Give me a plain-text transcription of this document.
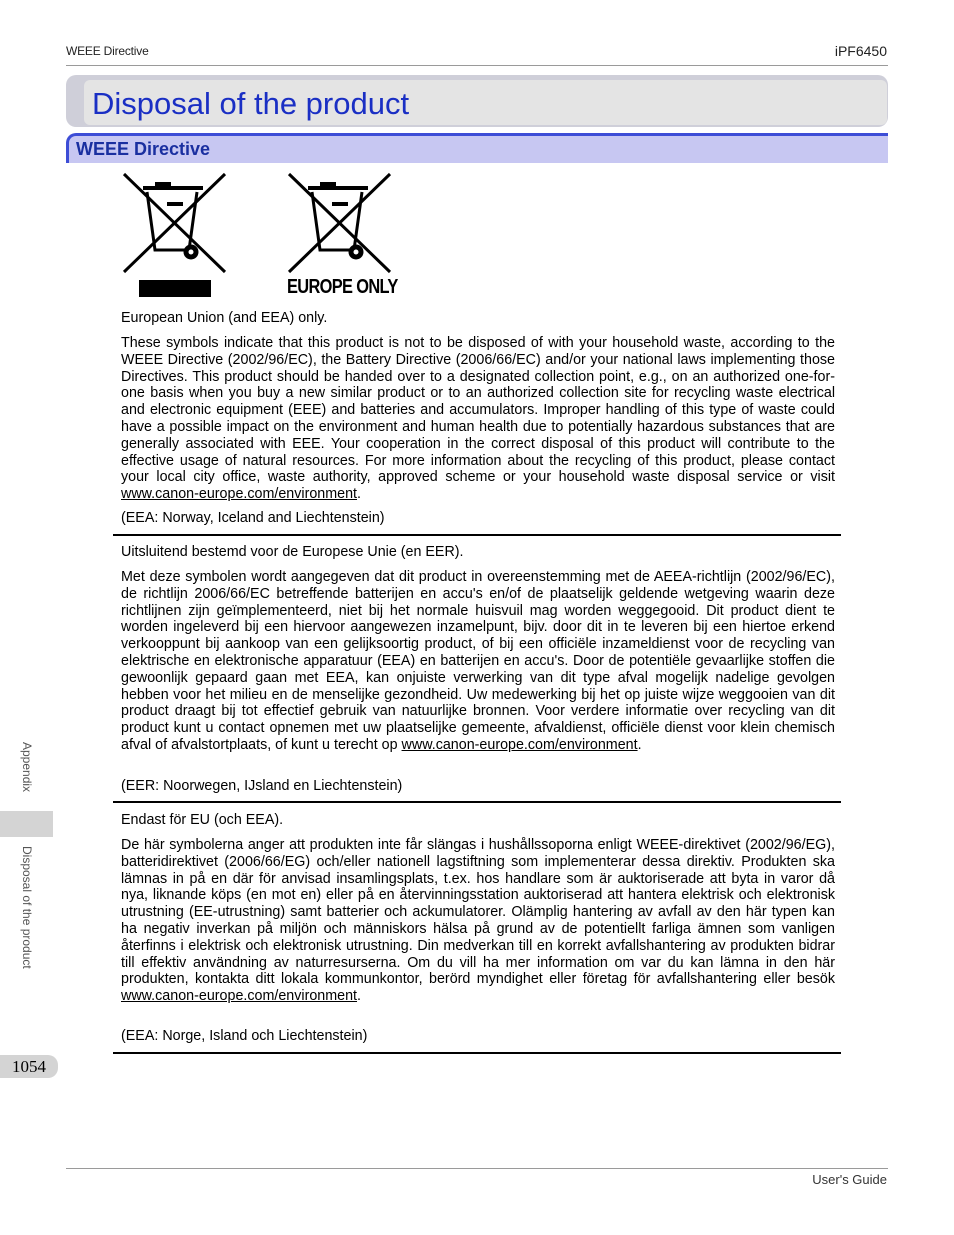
WEEE Directive	iPF6450
Disposal of the product
WEEE Directive
EUROPE ONLY
European Union (and EEA) only.
These symbols indicate that this product is not to be disposed of with your household waste, according to the WEEE Directive (2002/96/EC), the Battery Directive (2006/66/EC) and/or your national laws implementing those Directives. This product should be handed over to a designated collection point, e.g., on an authorized one-for-one basis when you buy a new similar product or to an authorized collection site for recycling waste electrical and electronic equipment (EEE) and batteries and accumulators. Improper handling of this type of waste could have a possible impact on the environment and human health due to potentially hazardous substances that are generally associated with EEE. Your cooperation in the correct disposal of this product will contribute to the effective usage of natural resources. For more information about the recycling of this product, please contact your local city office, waste authority, approved scheme or your household waste disposal service or visit www.canon-europe.com/environment.
(EEA: Norway, Iceland and Liechtenstein)
Uitsluitend bestemd voor de Europese Unie (en EER).
Met deze symbolen wordt aangegeven dat dit product in overeenstemming met de AEEA-richtlijn (2002/96/EC), de richtlijn 2006/66/EC betreffende batterijen en accu's en/of de plaatselijk geldende wetgeving waarin deze richtlijnen zijn geïmplementeerd, niet bij het normale huisvuil mag worden weggegooid. Dit product dient te worden ingeleverd bij een hiervoor aangewezen inzamelpunt, bijv. door dit in te leveren bij een hiertoe erkend verkooppunt bij aankoop van een gelijksoortig product, of bij een officiële inzameldienst voor de recycling van elektrische en elektronische apparatuur (EEA) en batterijen en accu's. Door de potentiële gevaarlijke stoffen die gewoonlijk gepaard gaan met EEA, kan onjuiste verwerking van dit type afval mogelijk nadelige gevolgen hebben voor het milieu en de menselijke gezondheid. Uw medewerking bij het op juiste wijze weggooien van dit product draagt bij tot effectief gebruik van natuurlijke bronnen. Voor verdere informatie over recycling van dit product kunt u contact opnemen met uw plaatselijke gemeente, afvaldienst, officiële dienst voor klein chemisch afval of afvalstortplaats, of kunt u terecht op www.canon-europe.com/environment.
(EER: Noorwegen, IJsland en Liechtenstein)
Endast för EU (och EEA).
De här symbolerna anger att produkten inte får slängas i hushållssoporna enligt WEEE-direktivet (2002/96/EG), batteridirektivet (2006/66/EG) och/eller nationell lagstiftning som implementerar dessa direktiv. Produkten ska lämnas in på en där för anvisad insamlingsplats, t.ex. hos handlare som är auktoriserade att byta in varor då nya, liknande köps (en mot en) eller på en återvinningsstation auktoriserad att hantera elektrisk och elektronisk utrustning (EE-utrustning) samt batterier och ackumulatorer. Olämplig hantering av avfall av den här typen kan ha negativ inverkan på miljön och människors hälsa på grund av de potentiellt farliga ämnen som vanligen återfinns i elektrisk och elektronisk utrustning. Din medverkan till en korrekt avfallshantering av produkten bidrar till effektiv användning av naturresurserna. Om du vill ha mer information om var du kan lämna in den här produkten, kontakta ditt lokala kommunkontor, berörd myndighet eller företag för avfallshantering eller besök www.canon-europe.com/environment.
(EEA: Norge, Island och Liechtenstein)
Appendix
Disposal of the product
1054
User's Guide
